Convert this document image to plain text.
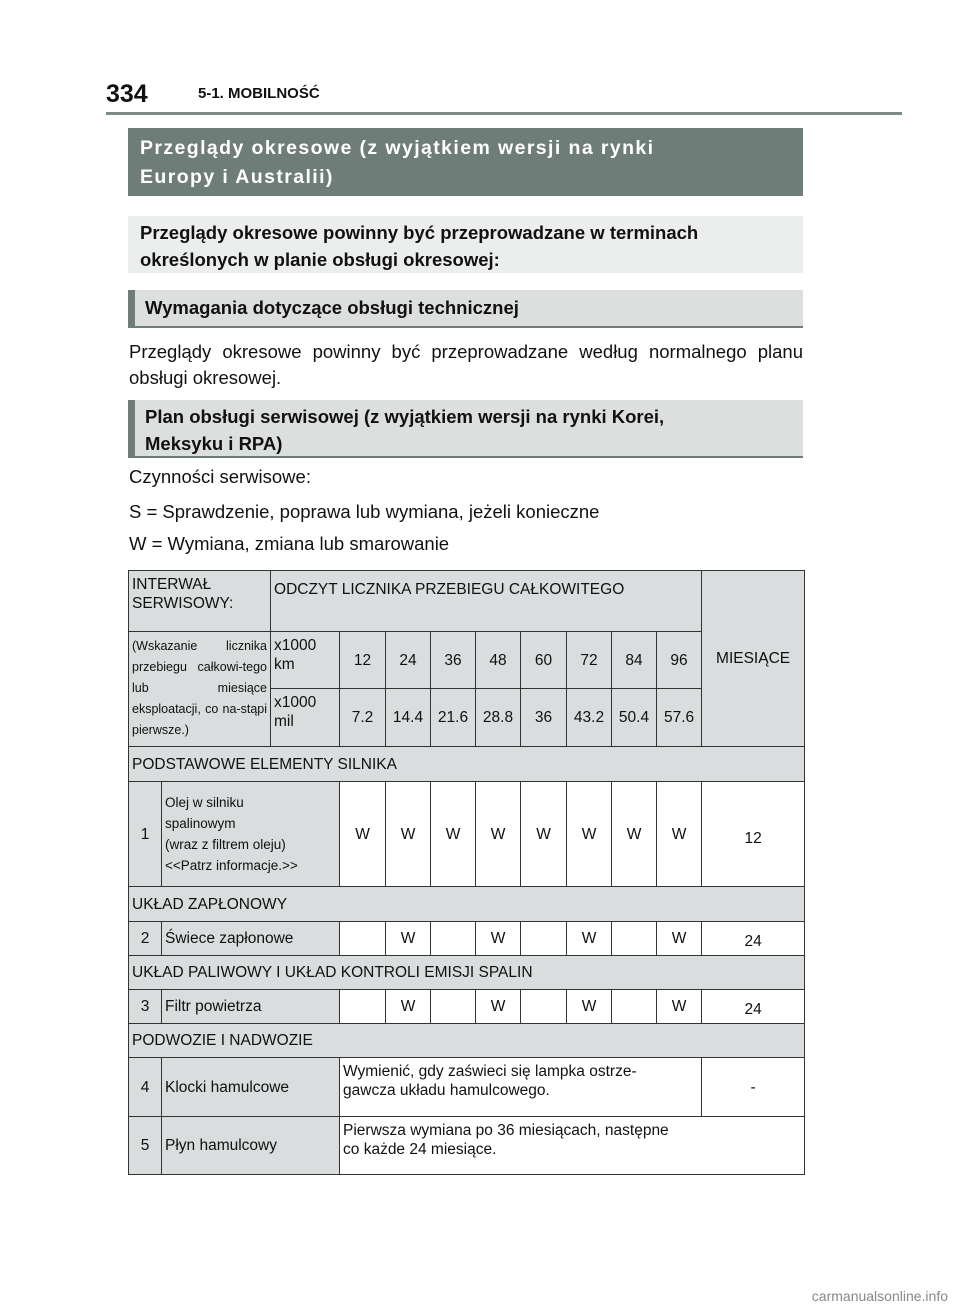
334	5-1. MOBILNOŚĆ
Przeglądy okresowe (z wyjątkiem wersji na rynki
Europy i Australii)
Przeglądy okresowe powinny być przeprowadzane w terminach
określonych w planie obsługi okresowej:
Wymagania dotyczące obsługi technicznej
Przeglądy okresowe powinny być przeprowadzane według normalnego planu obsługi okresowej.
Plan obsługi serwisowej (z wyjątkiem wersji na rynki Korei,
Meksyku i RPA)
Czynności serwisowe:
S = Sprawdzenie, poprawa lub wymiana, jeżeli konieczne
W = Wymiana, zmiana lub smarowanie
INTERWAŁ SERWISOWY:		ODCZYT LICZNIKA PRZEBIEGU CAŁKOWITEGO									MIESIĄCE
(Wskazanie licznika przebiegu całkowi-tego lub miesiące eksploatacji, co na-stąpi pierwsze.)		x1000 km	12	24	36	48	60	72	84	96	
		x1000 mil	7.2	14.4	21.6	28.8	36	43.2	50.4	57.6	
PODSTAWOWE ELEMENTY SILNIKA											
1	Olej w silniku
spalinowym
(wraz z filtrem oleju)
<<Patrz informacje.>>		W	W	W	W	W	W	W	W	12
UKŁAD ZAPŁONOWY											
2	Świece zapłonowe			W		W		W		W	24
UKŁAD PALIWOWY I UKŁAD KONTROLI EMISJI SPALIN											
3	Filtr powietrza			W		W		W		W	24
PODWOZIE I NADWOZIE											
4	Klocki hamulcowe		Wymienić, gdy zaświeci się lampka ostrze-
gawcza układu hamulcowego.								-
5	Płyn hamulcowy		Pierwsza wymiana po 36 miesiącach, następne
co każde 24 miesiące.								
carmanualsonline.info
